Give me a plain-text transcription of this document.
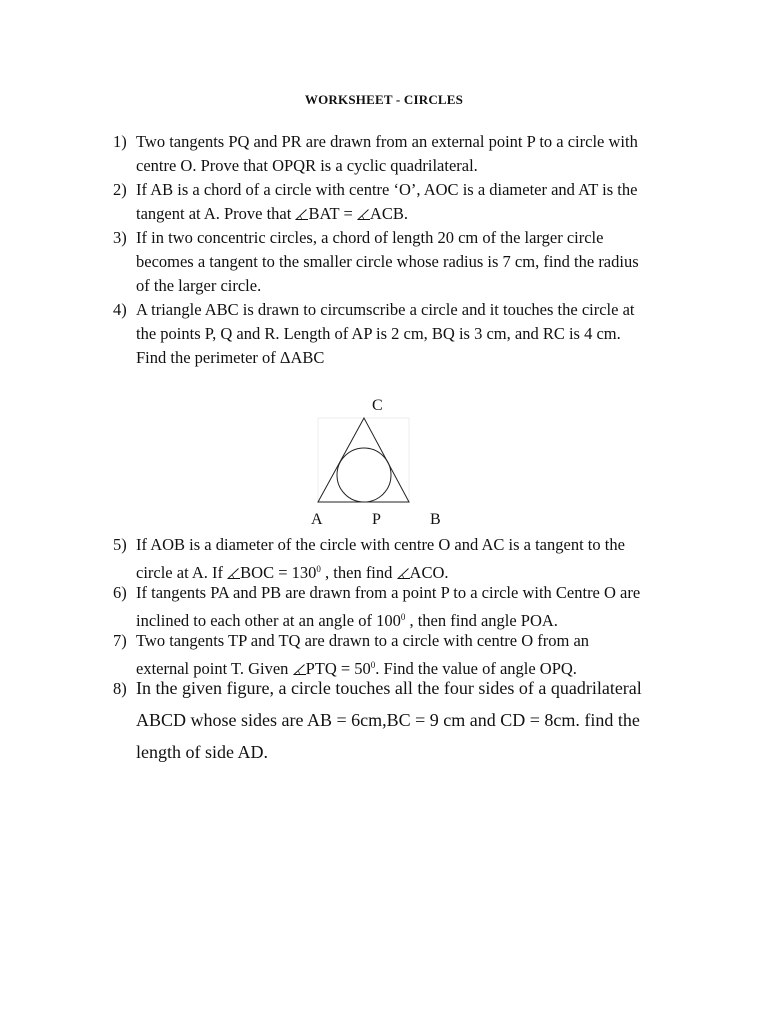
WORKSHEET - CIRCLES
1) Two tangents PQ and PR are drawn from an external point P to a circle with
centre O. Prove that OPQR is a cyclic quadrilateral.
2) If AB is a chord of a circle with centre ‘O’, AOC is a diameter and AT is the
tangent at A. Prove that
BAT =
ACB.
3) If in two concentric circles, a chord of length 20 cm of the larger circle
becomes a tangent to the smaller circle whose radius is 7 cm, find the radius
of the larger circle.
4) A triangle ABC is drawn to circumscribe a circle and it touches the circle at
the points P, Q and R. Length of AP is 2 cm, BQ is 3 cm, and RC is 4 cm.
Find the perimeter of ΔABC
C
A	P	B
5) If AOB is a diameter of the circle with centre O and AC is a tangent to the
circle at A. If
BOC = $130^0$ , then find
ACO.
6) If tangents PA and PB are drawn from a point P to a circle with Centre O are
inclined to each other at an angle of $100^0$ , then find angle POA.
7) Two tangents TP and TQ are drawn to a circle with centre O from an
external point T. Given
PTQ = $50^0$. Find the value of angle OPQ.
8) In the given figure, a circle touches all the four sides of a quadrilateral
ABCD whose sides are AB = 6cm,BC = 9 cm and CD = 8cm. find the
length of side AD.
